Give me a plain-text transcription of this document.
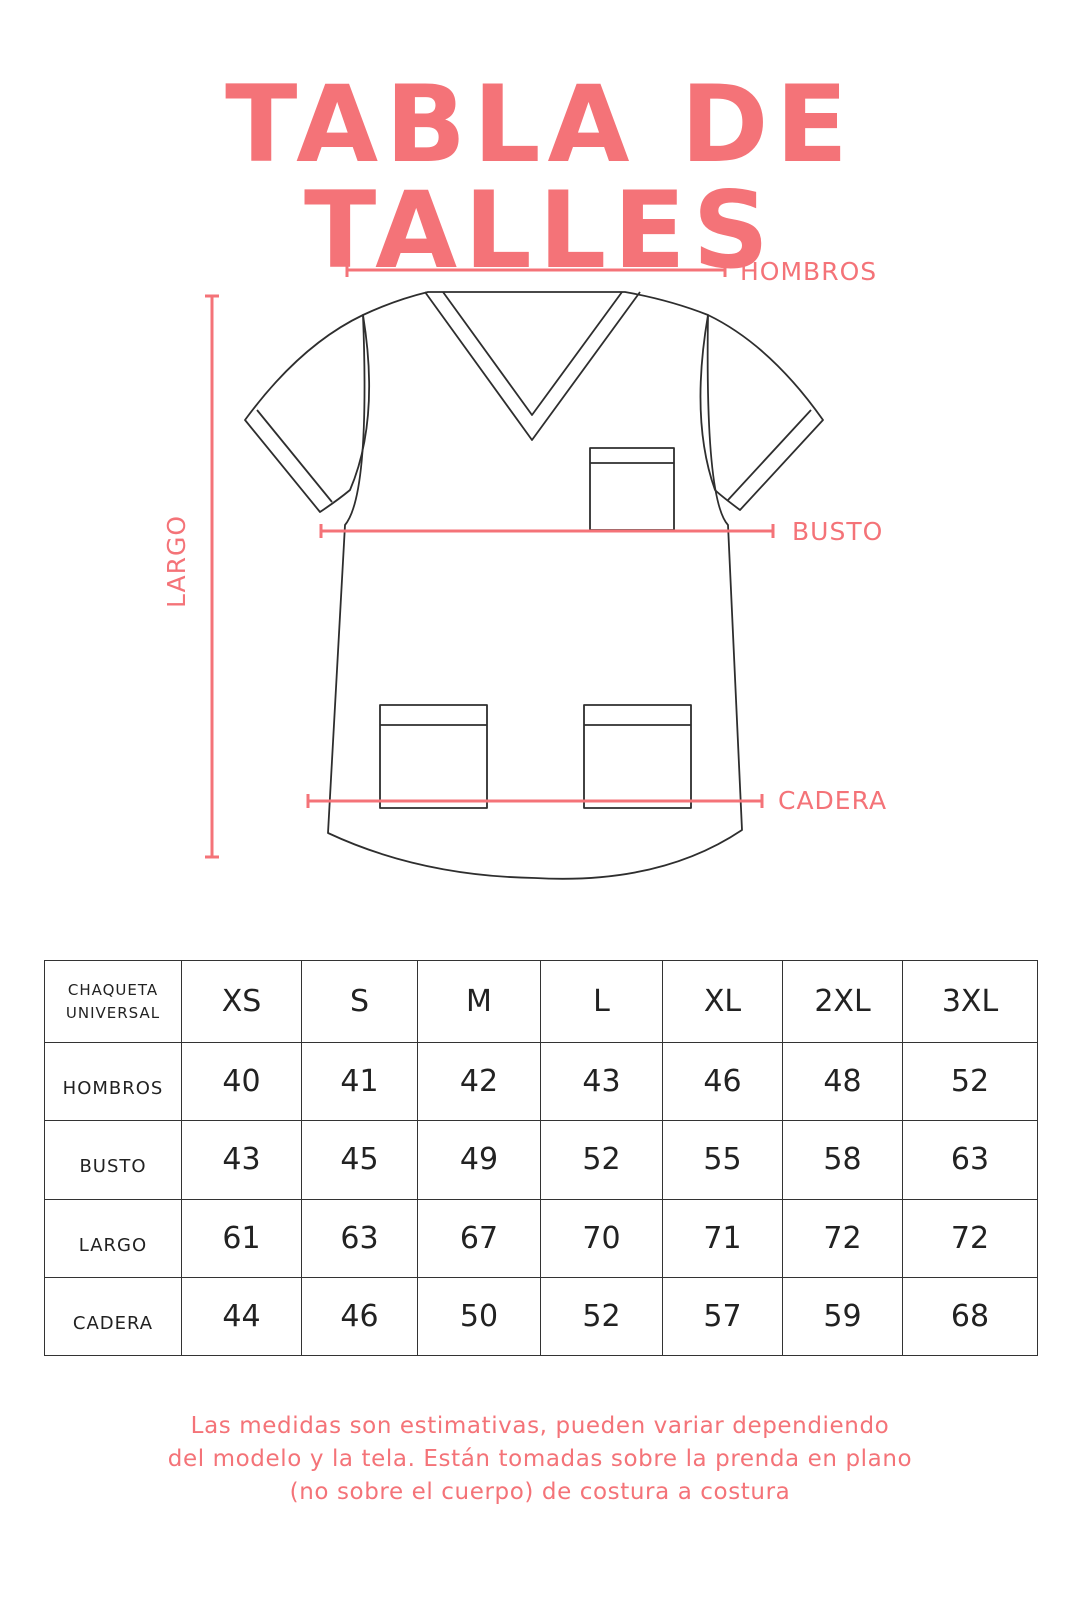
TABLA DE TALLES
HOMBROS
BUSTO
CADERA
LARGO
CHAQUETA
UNIVERSAL	XS	S	M	L	XL	2XL	3XL
HOMBROS	40	41	42	43	46	48	52
BUSTO	43	45	49	52	55	58	63
LARGO	61	63	67	70	71	72	72
CADERA	44	46	50	52	57	59	68
Las medidas son estimativas, pueden variar dependiendo
del modelo y la tela. Están tomadas sobre la prenda en plano
(no sobre el cuerpo) de costura a costura
